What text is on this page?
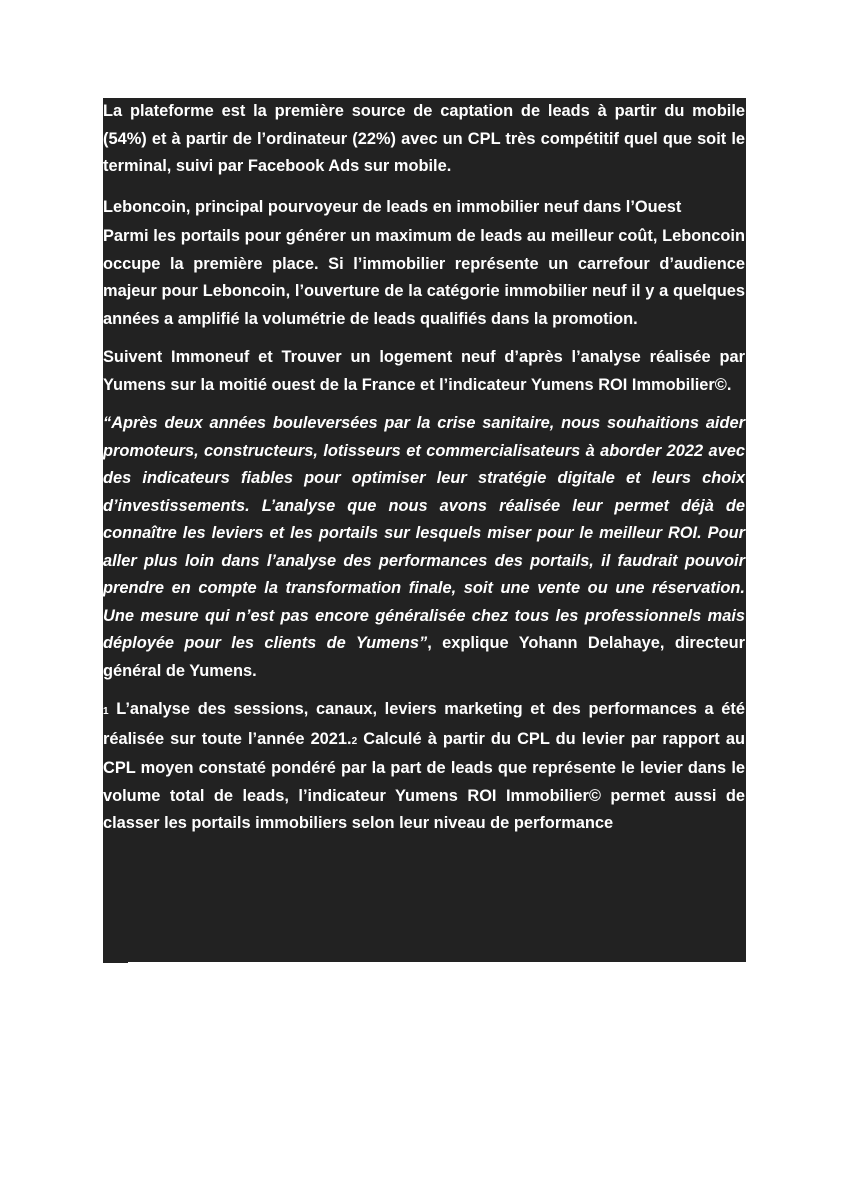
La plateforme est la première source de captation de leads à partir du mobile (54%) et à partir de l’ordinateur (22%) avec un CPL très compétitif quel que soit le terminal, suivi par Facebook Ads sur mobile.

Leboncoin, principal pourvoyeur de leads en immobilier neuf dans l’Ouest

Parmi les portails pour générer un maximum de leads au meilleur coût, Leboncoin occupe la première place. Si l’immobilier représente un carrefour d’audience majeur pour Leboncoin, l’ouverture de la catégorie immobilier neuf il y a quelques années a amplifié la volumétrie de leads qualifiés dans la promotion.

Suivent Immoneuf et Trouver un logement neuf d’après l’analyse réalisée par Yumens sur la moitié ouest de la France et l’indicateur Yumens ROI Immobilier©.

“Après deux années bouleversées par la crise sanitaire, nous souhaitions aider promoteurs, constructeurs, lotisseurs et commercialisateurs à aborder 2022 avec des indicateurs fiables pour optimiser leur stratégie digitale et leurs choix d’investissements. L’analyse que nous avons réalisée leur permet déjà de connaître les leviers et les portails sur lesquels miser pour le meilleur ROI. Pour aller plus loin dans l’analyse des performances des portails, il faudrait pouvoir prendre en compte la transformation finale, soit une vente ou une réservation. Une mesure qui n’est pas encore généralisée chez tous les professionnels mais déployée pour les clients de Yumens”, explique Yohann Delahaye, directeur général de Yumens.

1 L’analyse des sessions, canaux, leviers marketing et des performances a été réalisée sur toute l’année 2021.2 Calculé à partir du CPL du levier par rapport au CPL moyen constaté pondéré par la part de leads que représente le levier dans le volume total de leads, l’indicateur Yumens ROI Immobilier© permet aussi de classer les portails immobiliers selon leur niveau de performance
